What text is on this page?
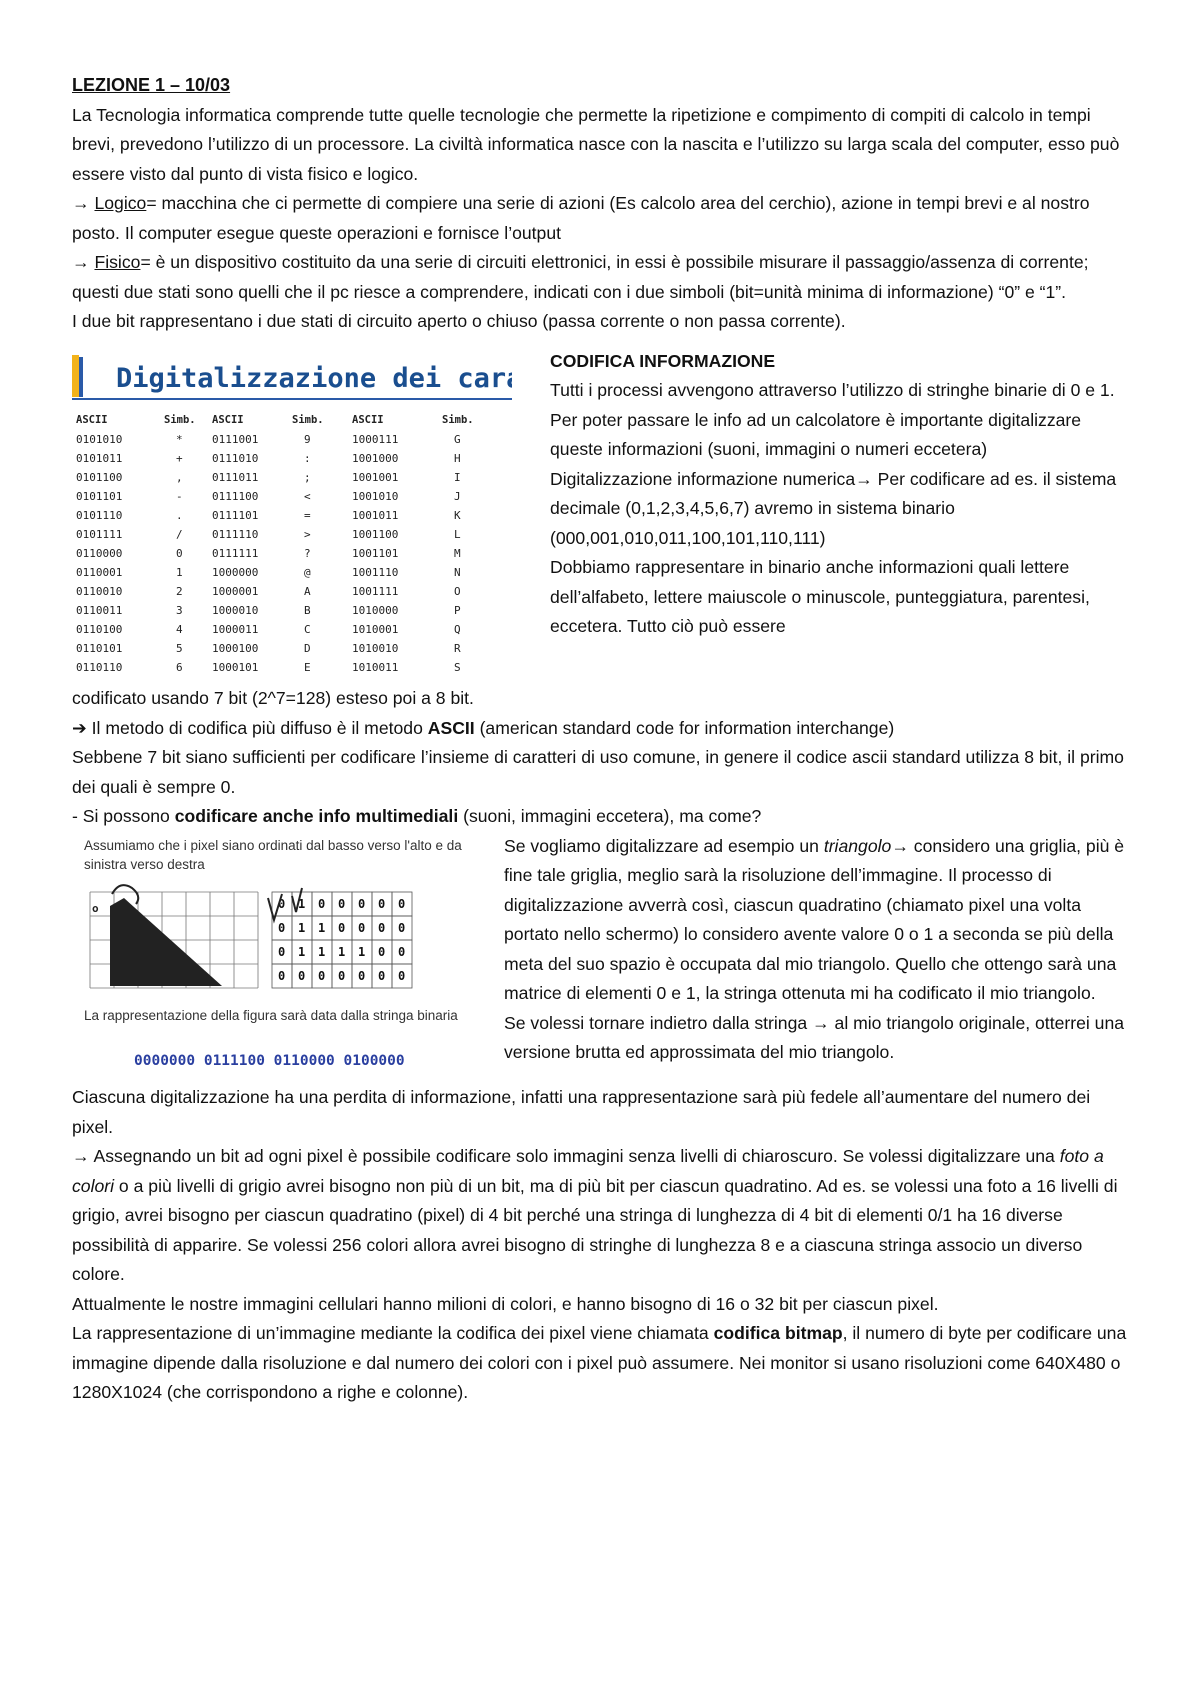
LEZIONE 1 – 10/03

La Tecnologia informatica comprende tutte quelle tecnologie che permette la ripetizione e compimento di compiti di calcolo in tempi brevi, prevedono l’utilizzo di un processore. La civiltà informatica nasce con la nascita e l’utilizzo su larga scala del computer, esso può essere visto dal punto di vista fisico e logico.

→ Logico= macchina che ci permette di compiere una serie di azioni (Es calcolo area del cerchio), azione in tempi brevi e al nostro posto. Il computer esegue queste operazioni e fornisce l’output

→ Fisico= è un dispositivo costituito da una serie di circuiti elettronici, in essi è possibile misurare il passaggio/assenza di corrente; questi due stati sono quelli che il pc riesce a comprendere, indicati con i due simboli (bit=unità minima di informazione) “0” e “1”.

I due bit rappresentano i due stati di circuito aperto o chiuso (passa corrente o non passa corrente).

Digitalizzazione dei car
ASCII	Simb. ASCII	Simb.	ASCII	Simb.
0101010	*	0111001	9	1000111	G
0101011	+	0111010	:	1001000	H
0101100	,	0111011	;	1001001	I
0101101	-	0111100	<	1001010	J
0101110	.	0111101	=	1001011	K
0101111	/	0111110	>	1001100	L
0110000	0	0111111	?	1001101	M
0110001	1	1000000	@	1001110	N
0110010	2	1000001	A	1001111	O
0110011	3	1000010	B	1010000	P
0110100	4	1000011	C	1010001	Q
0110101	5	1000100	D	1010010	R
0110110	6	1000101	E	1010011	S

CODIFICA INFORMAZIONE

Tutti i processi avvengono attraverso l’utilizzo di stringhe binarie di 0 e 1. Per poter passare le info ad un calcolatore è importante digitalizzare queste informazioni (suoni, immagini o numeri eccetera)

Digitalizzazione informazione numerica→ Per codificare ad es. il sistema decimale (0,1,2,3,4,5,6,7) avremo in sistema binario (000,001,010,011,100,101,110,111)

Dobbiamo rappresentare in binario anche informazioni quali lettere dell’alfabeto, lettere maiuscole o minuscole, punteggiatura, parentesi, eccetera. Tutto ciò può essere

codificato usando 7 bit (2^7=128) esteso poi a 8 bit.

➔ Il metodo di codifica più diffuso è il metodo ASCII (american standard code for information interchange)

Sebbene 7 bit siano sufficienti per codificare l’insieme di caratteri di uso comune, in genere il codice ascii standard utilizza 8 bit, il primo dei quali è sempre 0.

- Si possono codificare anche info multimediali (suoni, immagini eccetera), ma come?

Assumiamo che i pixel siano ordinati dal basso verso l'alto e da sinistra verso destra
o	0 1 0 0 0 0 0
0 1 1 0 0 0 0
0 1 1 1 1 0 0
0 0 0 0 0 0 0
La rappresentazione della figura sarà data dalla stringa binaria
0000000 0111100 0110000 0100000

Se vogliamo digitalizzare ad esempio un triangolo→ considero una griglia, più è fine tale griglia, meglio sarà la risoluzione dell’immagine. Il processo di digitalizzazione avverrà così, ciascun quadratino (chiamato pixel una volta portato nello schermo) lo considero avente valore 0 o 1 a seconda se più della meta del suo spazio è occupata dal mio triangolo. Quello che ottengo sarà una matrice di elementi 0 e 1, la stringa ottenuta mi ha codificato il mio triangolo.

Se volessi tornare indietro dalla stringa → al mio triangolo originale, otterrei una versione brutta ed approssimata del mio triangolo.

Ciascuna digitalizzazione ha una perdita di informazione, infatti una rappresentazione sarà più fedele all’aumentare del numero dei pixel.

→ Assegnando un bit ad ogni pixel è possibile codificare solo immagini senza livelli di chiaroscuro. Se volessi digitalizzare una foto a colori o a più livelli di grigio avrei bisogno non più di un bit, ma di più bit per ciascun quadratino. Ad es. se volessi una foto a 16 livelli di grigio, avrei bisogno per ciascun quadratino (pixel) di 4 bit perché una stringa di lunghezza di 4 bit di elementi 0/1 ha 16 diverse possibilità di apparire. Se volessi 256 colori allora avrei bisogno di stringhe di lunghezza 8 e a ciascuna stringa associo un diverso colore.

Attualmente le nostre immagini cellulari hanno milioni di colori, e hanno bisogno di 16 o 32 bit per ciascun pixel.

La rappresentazione di un’immagine mediante la codifica dei pixel viene chiamata codifica bitmap, il numero di byte per codificare una immagine dipende dalla risoluzione e dal numero dei colori con i pixel può assumere. Nei monitor si usano risoluzioni come 640X480 o 1280X1024 (che corrispondono a righe e colonne).
